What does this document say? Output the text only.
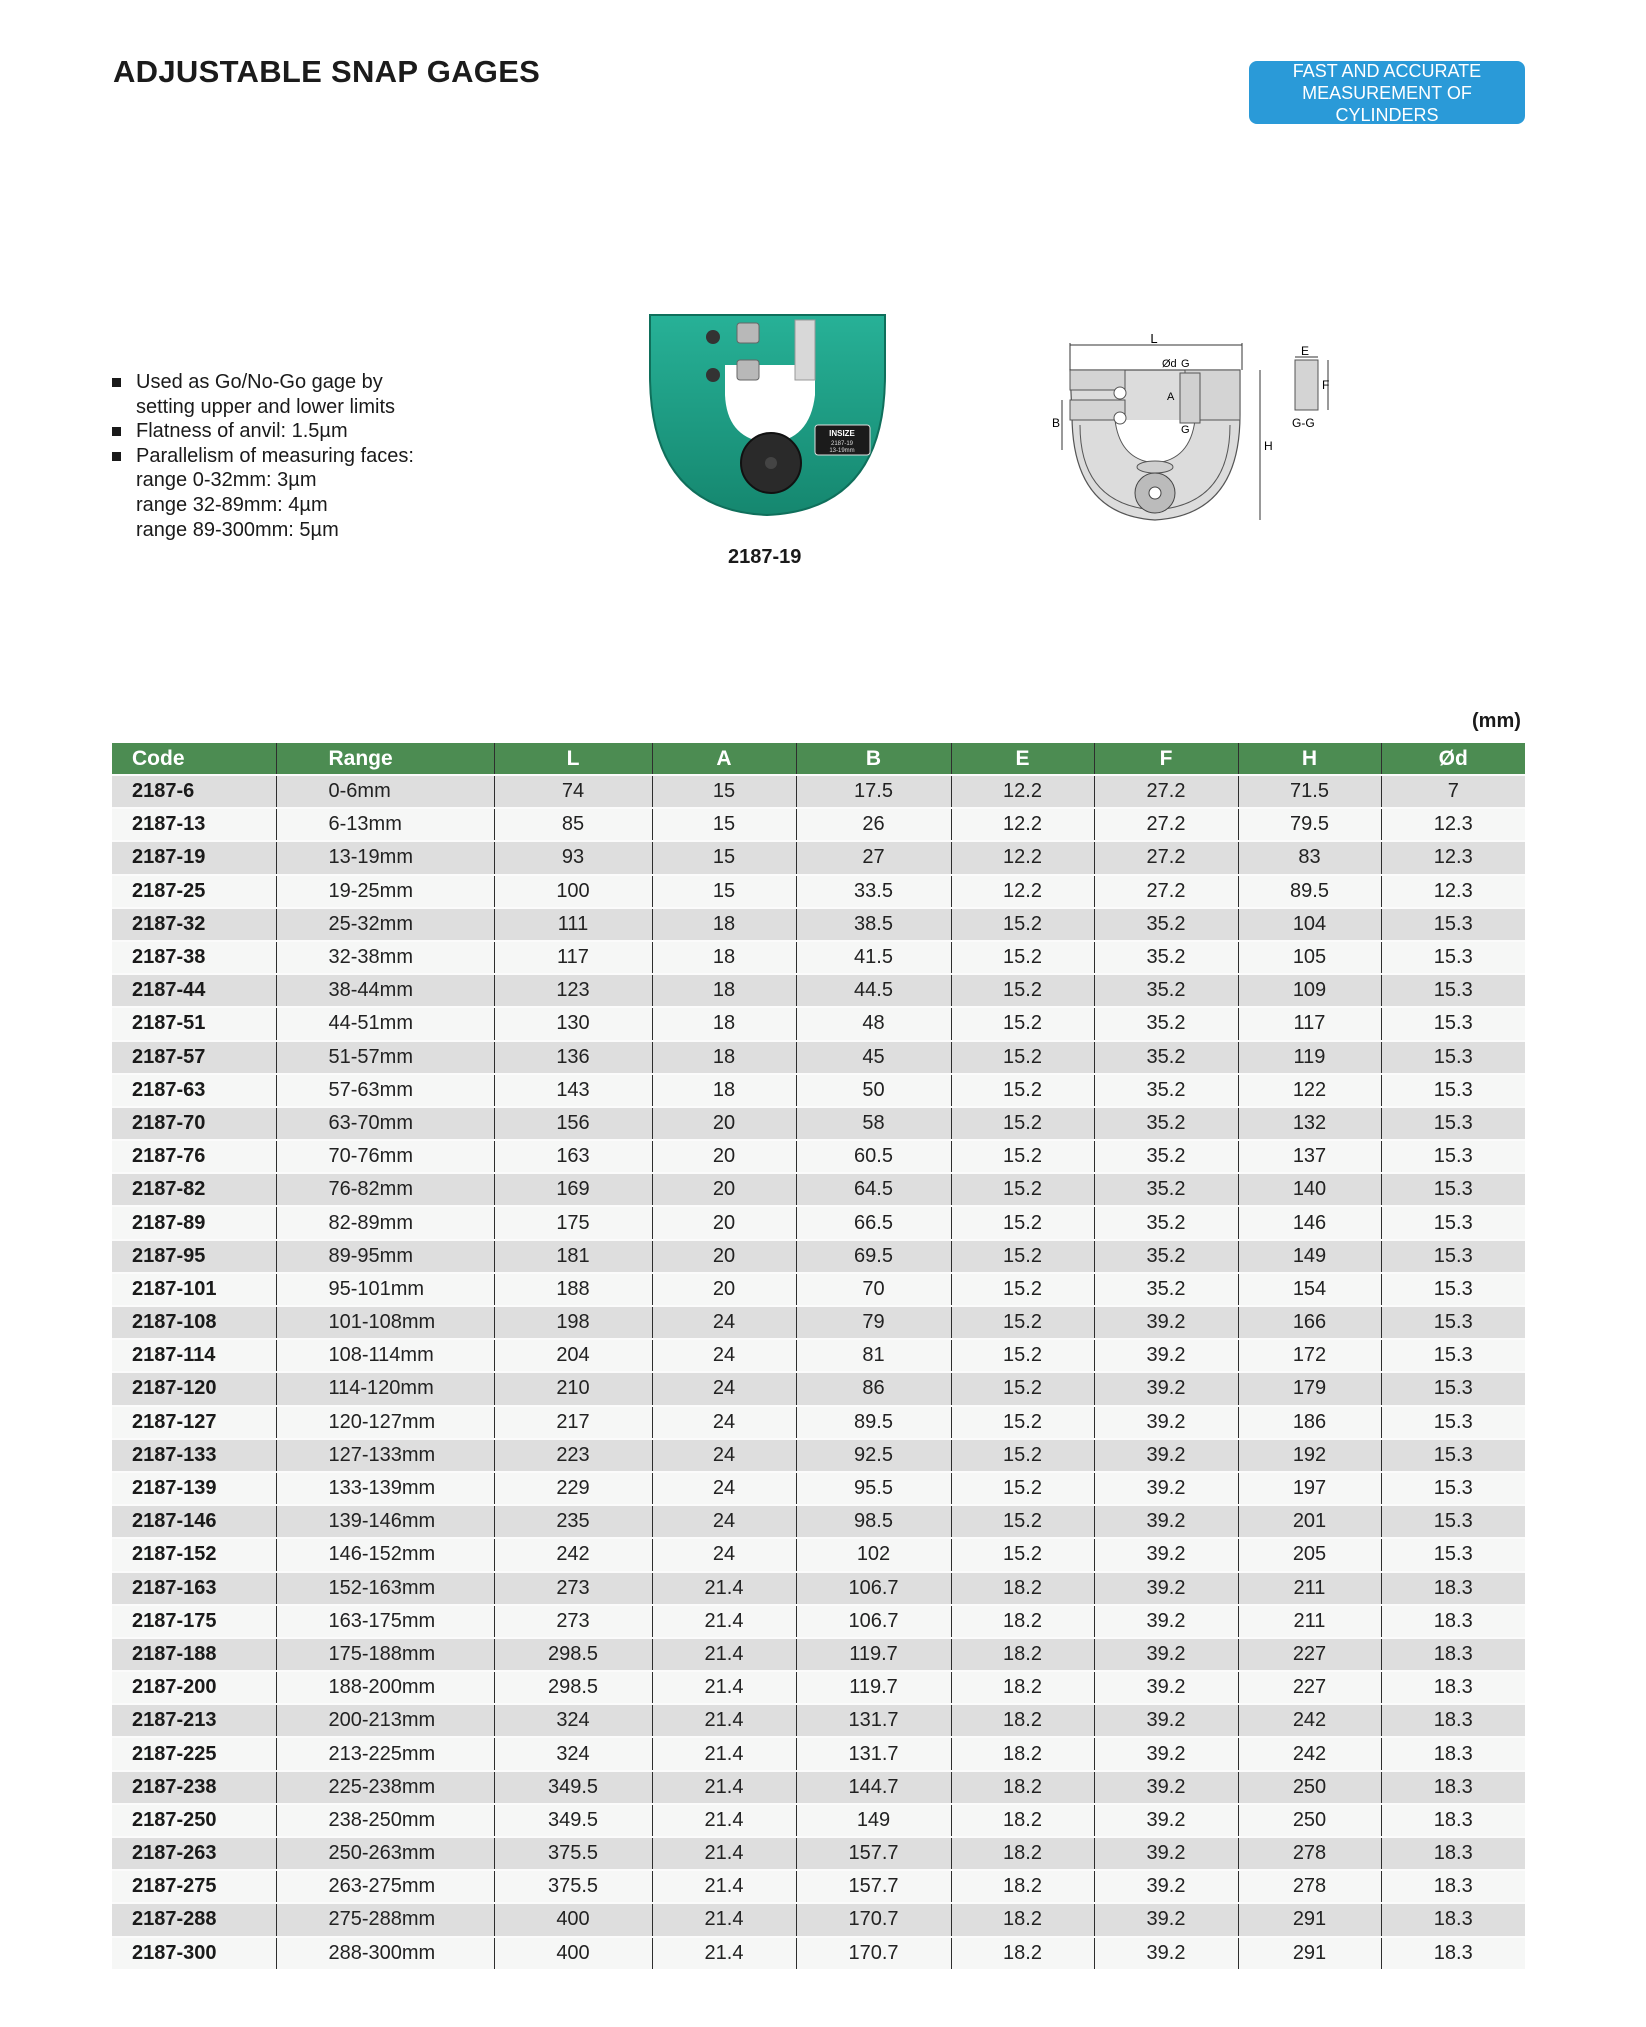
ADJUSTABLE SNAP GAGES	FAST AND ACCURATE
MEASUREMENT OF CYLINDERS
Used as Go/No-Go gage by
setting upper and lower limits
Flatness of anvil: 1.5µm
Parallelism of measuring faces:
range 0-32mm: 3µm
range 32-89mm: 4µm
range 89-300mm: 5µm
INSIZE
2187-19
13-19mm
2187-19
L
Ød G
G
A
B
H
E
F
G-G
(mm)
Code	Range	L	A	B	E	F	H	Ød
2187-6	0-6mm	74	15	17.5	12.2	27.2	71.5	7
2187-13	6-13mm	85	15	26	12.2	27.2	79.5	12.3
2187-19	13-19mm	93	15	27	12.2	27.2	83	12.3
2187-25	19-25mm	100	15	33.5	12.2	27.2	89.5	12.3
2187-32	25-32mm	111	18	38.5	15.2	35.2	104	15.3
2187-38	32-38mm	117	18	41.5	15.2	35.2	105	15.3
2187-44	38-44mm	123	18	44.5	15.2	35.2	109	15.3
2187-51	44-51mm	130	18	48	15.2	35.2	117	15.3
2187-57	51-57mm	136	18	45	15.2	35.2	119	15.3
2187-63	57-63mm	143	18	50	15.2	35.2	122	15.3
2187-70	63-70mm	156	20	58	15.2	35.2	132	15.3
2187-76	70-76mm	163	20	60.5	15.2	35.2	137	15.3
2187-82	76-82mm	169	20	64.5	15.2	35.2	140	15.3
2187-89	82-89mm	175	20	66.5	15.2	35.2	146	15.3
2187-95	89-95mm	181	20	69.5	15.2	35.2	149	15.3
2187-101	95-101mm	188	20	70	15.2	35.2	154	15.3
2187-108	101-108mm	198	24	79	15.2	39.2	166	15.3
2187-114	108-114mm	204	24	81	15.2	39.2	172	15.3
2187-120	114-120mm	210	24	86	15.2	39.2	179	15.3
2187-127	120-127mm	217	24	89.5	15.2	39.2	186	15.3
2187-133	127-133mm	223	24	92.5	15.2	39.2	192	15.3
2187-139	133-139mm	229	24	95.5	15.2	39.2	197	15.3
2187-146	139-146mm	235	24	98.5	15.2	39.2	201	15.3
2187-152	146-152mm	242	24	102	15.2	39.2	205	15.3
2187-163	152-163mm	273	21.4	106.7	18.2	39.2	211	18.3
2187-175	163-175mm	273	21.4	106.7	18.2	39.2	211	18.3
2187-188	175-188mm	298.5	21.4	119.7	18.2	39.2	227	18.3
2187-200	188-200mm	298.5	21.4	119.7	18.2	39.2	227	18.3
2187-213	200-213mm	324	21.4	131.7	18.2	39.2	242	18.3
2187-225	213-225mm	324	21.4	131.7	18.2	39.2	242	18.3
2187-238	225-238mm	349.5	21.4	144.7	18.2	39.2	250	18.3
2187-250	238-250mm	349.5	21.4	149	18.2	39.2	250	18.3
2187-263	250-263mm	375.5	21.4	157.7	18.2	39.2	278	18.3
2187-275	263-275mm	375.5	21.4	157.7	18.2	39.2	278	18.3
2187-288	275-288mm	400	21.4	170.7	18.2	39.2	291	18.3
2187-300	288-300mm	400	21.4	170.7	18.2	39.2	291	18.3
